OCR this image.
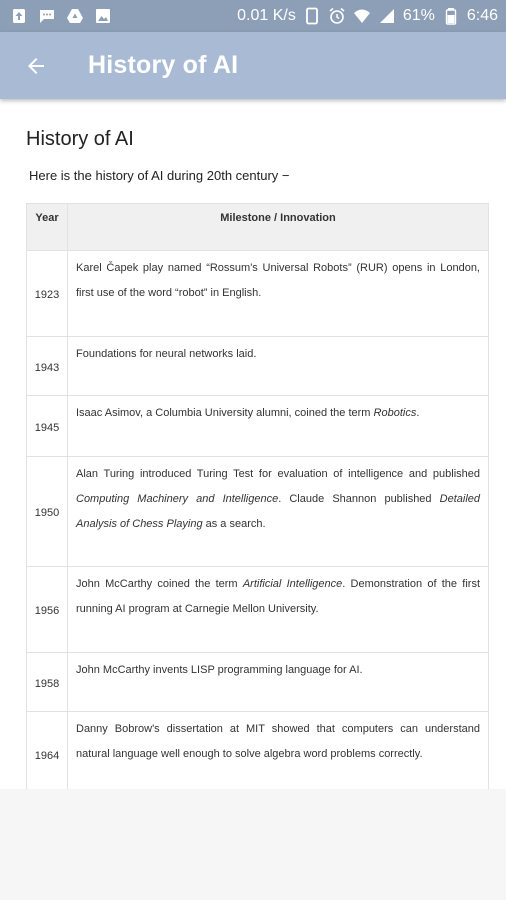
0.01 K/s	61% 6:46
History of AI
History of AI
Here is the history of AI during 20th century −
Year	Milestone / Innovation
1923	Karel Čapek play named “Rossum's Universal Robots” (RUR) opens in London, first use of the word “robot” in English.
1943	Foundations for neural networks laid.
1945	Isaac Asimov, a Columbia University alumni, coined the term Robotics.
1950	Alan Turing introduced Turing Test for evaluation of intelligence and published Computing Machinery and Intelligence. Claude Shannon published Detailed Analysis of Chess Playing as a search.
1956	John McCarthy coined the term Artificial Intelligence. Demonstration of the first running AI program at Carnegie Mellon University.
1958	John McCarthy invents LISP programming language for AI.
1964	Danny Bobrow's dissertation at MIT showed that computers can understand natural language well enough to solve algebra word problems correctly.
